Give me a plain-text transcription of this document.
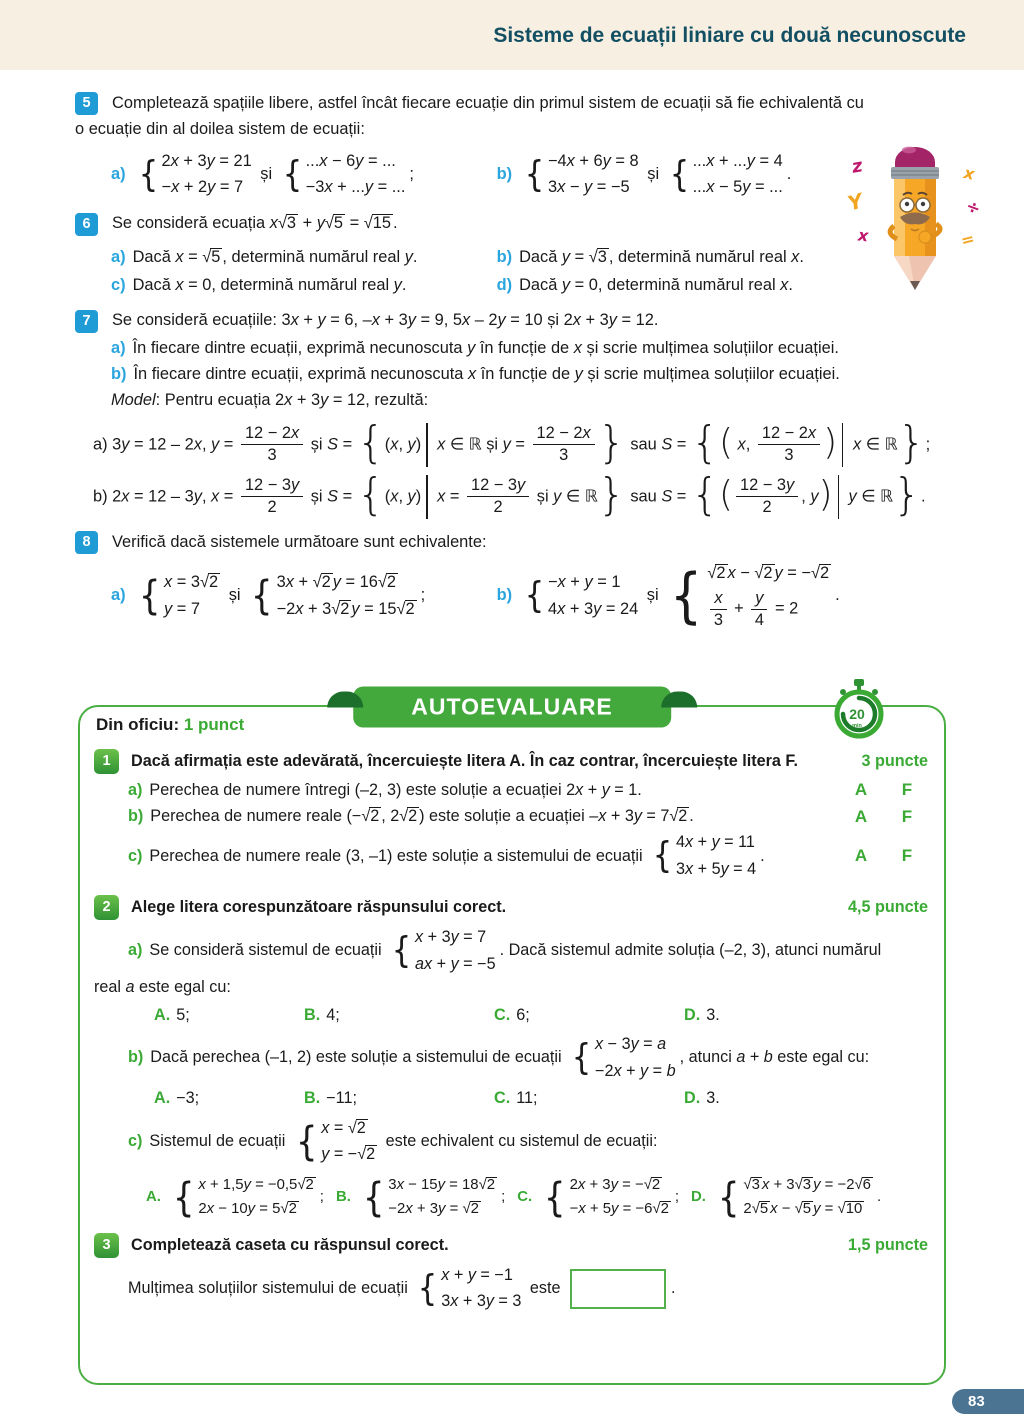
Sisteme de ecuații liniare cu două necunoscute
z
Y
x
x
÷
=
5	Completează spațiile libere, astfel încât fiecare ecuație din primul sistem de ecuații să fie echivalentă cu
o ecuație din al doilea sistem de ecuații:
a) { 2x + 3y = 21
−x + 2y = 7
și { ...x − 6y = ...
−3x + ...y = ...
;	b) { −4x + 6y = 8
3x − y = −5
și { ...x + ...y = 4
...x − 5y = ...
.
6	Se consideră ecuația x√3 + y√5 = √15 .
a) Dacă x = √5 , determină numărul real y.	b) Dacă y = √3 , determină numărul real x.
c) Dacă x = 0, determină numărul real y.	d) Dacă y = 0, determină numărul real x.
7	Se consideră ecuațiile: 3x + y = 6, –x + 3y = 9, 5x – 2y = 10 și 2x + 3y = 12.
a) În fiecare dintre ecuații, exprimă necunoscuta y în funcție de x și scrie mulțimea soluțiilor ecuației.
b) În fiecare dintre ecuații, exprimă necunoscuta x în funcție de y și scrie mulțimea soluțiilor ecuației.
Model : Pentru ecuația 2x + 3y = 12, rezultă:
a) 3y = 12 – 2x, $y = \frac{12 - 2x}{3}$ și S = {(x, y) x ∈ ℝ și $y = \frac{12 - 2x}{3}$ } sau S = {( x, $\frac{12 - 2x}{3}$ ) x ∈ ℝ};
b) 2x = 12 – 3y, $x = \frac{12 - 3y}{2}$ și S = {(x, y) $x = \frac{12 - 3y}{2}$ și y ∈ ℝ} sau S = {( $\frac{12 - 3y}{2}$ , y) y ∈ ℝ}.
8	Verifică dacă sistemele următoare sunt echivalente:
a) { x = 3√2
y = 7
și { 3x + √2 y = 16√2
−2x + 3√2 y = 15√2
;	b) { −x + y = 1
4x + 3y = 24
și { √2 x − √2 y = −√2
$\frac{x}{3} + \frac{y}{4} = 2$
.
AUTOEVALUARE	20
min
Din oficiu: 1 punct
1	Dacă afirmația este adevărată, încercuiește litera A. În caz contrar, încercuiește litera F.	3 puncte
a) Perechea de numere întregi (–2, 3) este soluție a ecuației 2x + y = 1.	A	F
b) Perechea de numere reale (−√2 , 2√2 ) este soluție a ecuației –x + 3y = 7√2 .	A	F
c) Perechea de numere reale (3, –1) este soluție a sistemului de ecuații { 4x + y = 11
3x + 5y = 4
.	A	F
2	Alege litera corespunzătoare răspunsului corect.	4,5 puncte
a) Se consideră sistemul de ecuații { x + 3y = 7
ax + y = −5
. Dacă sistemul admite soluția (–2, 3), atunci numărul
real a este egal cu:
A. 5;	B. 4;	C. 6;	D. 3.
b) Dacă perechea (–1, 2) este soluție a sistemului de ecuații { x − 3y = a
−2x + y = b
, atunci a + b este egal cu:
A. −3;	B. −11;	C. 11;	D. 3.
c) Sistemul de ecuații { x = √2
y = −√2
este echivalent cu sistemul de ecuații:
A. { x + 1,5y = −0,5√2
2x − 10y = 5√2
; B. { 3x − 15y = 18√2
−2x + 3y = √2
; C. { 2x + 3y = −√2
−x + 5y = −6√2
; D. { √3 x + 3√3 y = −2√6
2√5 x − √5 y = √10
.
3	Completează caseta cu răspunsul corect.	1,5 puncte
Mulțimea soluțiilor sistemului de ecuații { x + y = −1
3x + 3y = 3
este	.
83
